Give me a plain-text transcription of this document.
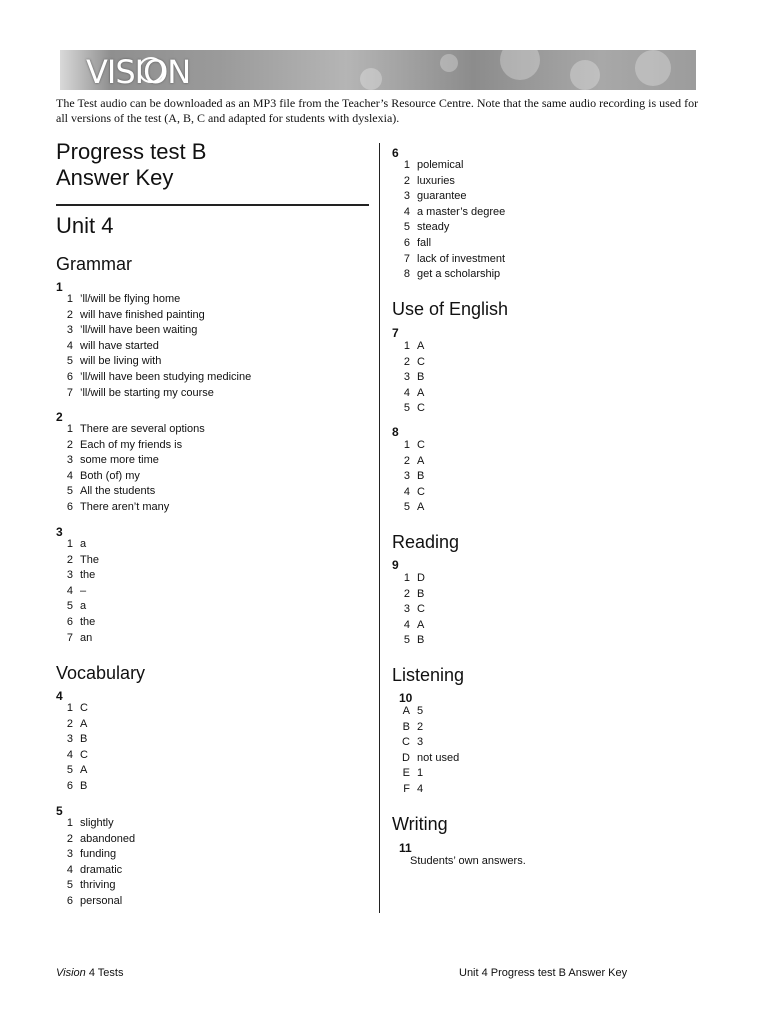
VISION

The Test audio can be downloaded as an MP3 file from the Teacher’s Resource Centre. Note that the same audio recording is used for all versions of the test (A, B, C and adapted for students with dyslexia).

Progress test B
Answer Key
Unit 4
Grammar
1
1 ’ll/will be flying home
2 will have finished painting
3 ’ll/will have been waiting
4 will have started
5 will be living with
6 ’ll/will have been studying medicine
7 ’ll/will be starting my course
2
1 There are several options
2 Each of my friends is
3 some more time
4 Both (of) my
5 All the students
6 There aren’t many
3
1 a
2 The
3 the
4 –
5 a
6 the
7 an
Vocabulary
4
1 C
2 A
3 B
4 C
5 A
6 B
5
1 slightly
2 abandoned
3 funding
4 dramatic
5 thriving
6 personal
6
1 polemical
2 luxuries
3 guarantee
4 a master’s degree
5 steady
6 fall
7 lack of investment
8 get a scholarship
Use of English
7
1 A
2 C
3 B
4 A
5 C
8
1 C
2 A
3 B
4 C
5 A
Reading
9
1 D
2 B
3 C
4 A
5 B
Listening
10
A 5
B 2
C 3
D not used
E 1
F 4
Writing
11
Students’ own answers.
Vision 4 Tests	Unit 4 Progress test B Answer Key
